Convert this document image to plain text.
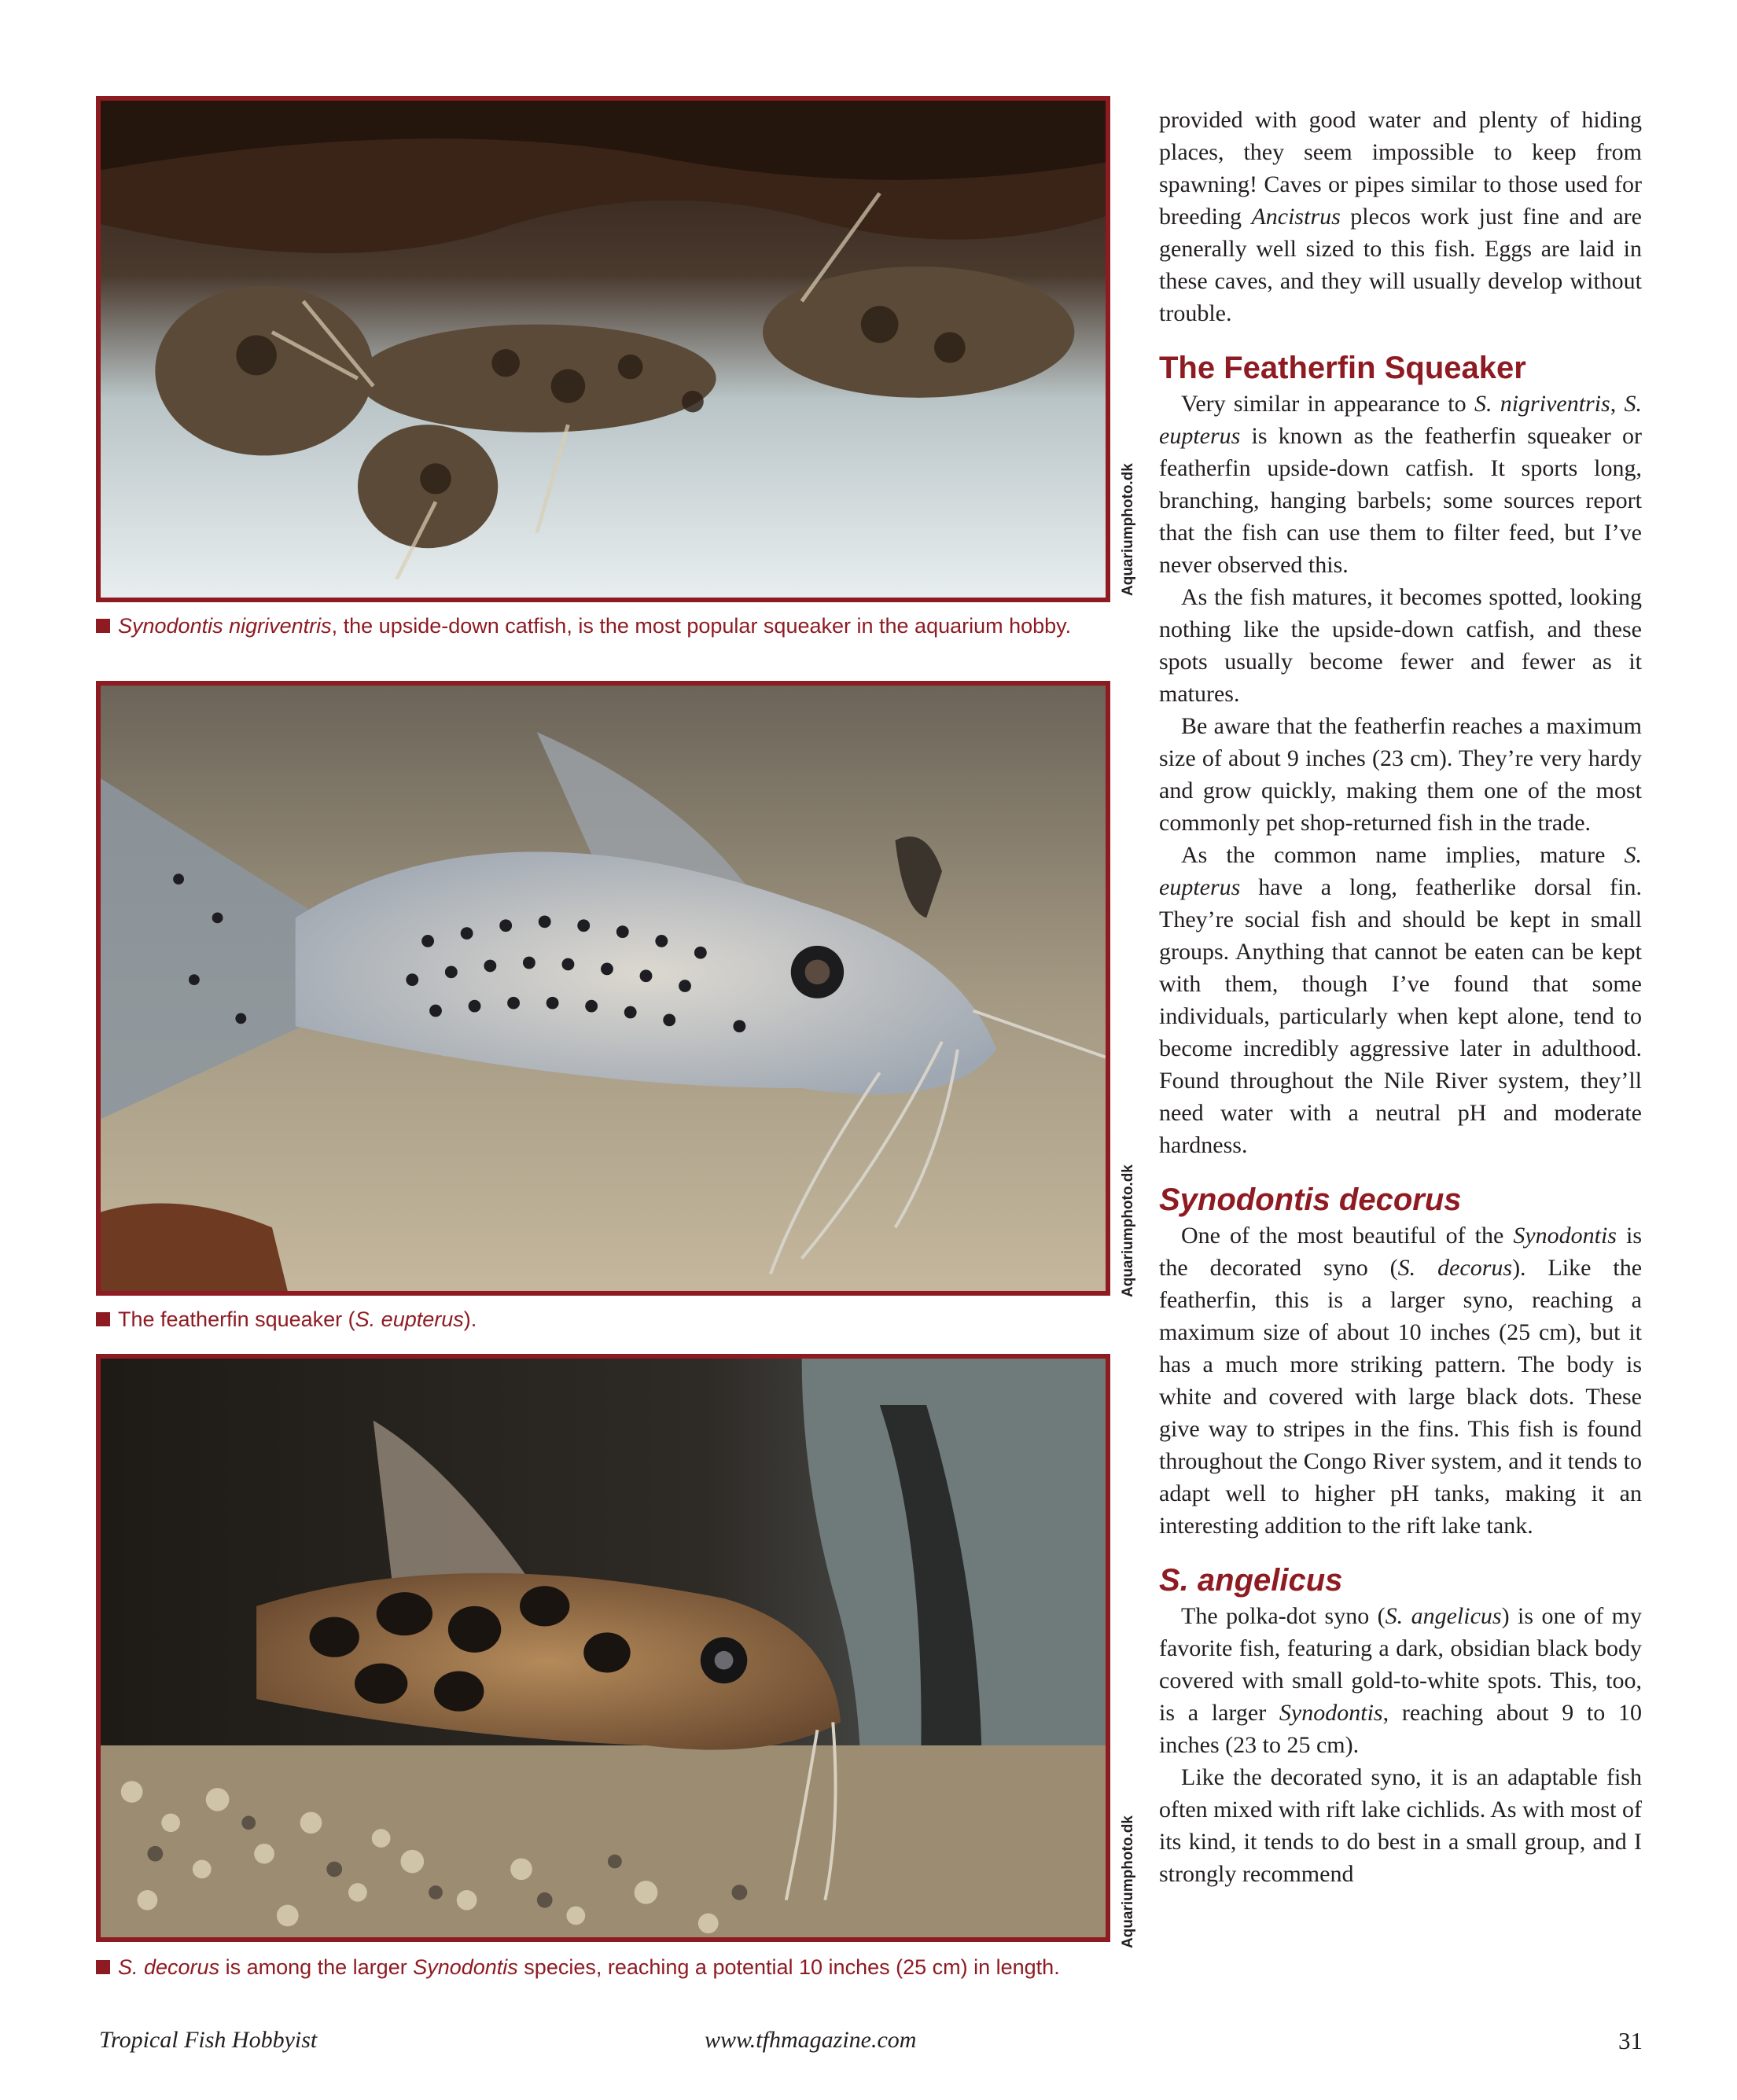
Aquariumphoto.dk
Synodontis nigriventris, the upside-down catfish, is the most popular squeaker in the aquarium hobby.
Aquariumphoto.dk
The featherfin squeaker (S. eupterus).
Aquariumphoto.dk
S. decorus is among the larger Synodontis species, reaching a potential 10 inches (25 cm) in length.

provided with good water and plenty of hiding places, they seem impossible to keep from spawning! Caves or pipes similar to those used for breeding Ancistrus plecos work just fine and are generally well sized to this fish. Eggs are laid in these caves, and they will usually develop without trouble.

The Featherfin Squeaker

Very similar in appearance to S. nigriventris, S. eupterus is known as the featherfin squeaker or featherfin upside-down catfish. It sports long, branching, hanging barbels; some sources report that the fish can use them to filter feed, but I’ve never observed this.

As the fish matures, it becomes spotted, looking nothing like the upside-down catfish, and these spots usually become fewer and fewer as it matures.

Be aware that the featherfin reaches a maximum size of about 9 inches (23 cm). They’re very hardy and grow quickly, making them one of the most commonly pet shop-returned fish in the trade.

As the common name implies, mature S. eupterus have a long, featherlike dorsal fin. They’re social fish and should be kept in small groups. Anything that cannot be eaten can be kept with them, though I’ve found that some individuals, particularly when kept alone, tend to become incredibly aggressive later in adulthood. Found throughout the Nile River system, they’ll need water with a neutral pH and moderate hardness.

Synodontis decorus

One of the most beautiful of the Synodontis is the decorated syno (S. decorus). Like the featherfin, this is a larger syno, reaching a maximum size of about 10 inches (25 cm), but it has a much more striking pattern. The body is white and covered with large black dots. These give way to stripes in the fins. This fish is found throughout the Congo River system, and it tends to adapt well to higher pH tanks, making it an interesting addition to the rift lake tank.

S. angelicus

The polka-dot syno (S. angelicus) is one of my favorite fish, featuring a dark, obsidian black body covered with small gold-to-white spots. This, too, is a larger Synodontis, reaching about 9 to 10 inches (23 to 25 cm).

Like the decorated syno, it is an adaptable fish often mixed with rift lake cichlids. As with most of its kind, it tends to do best in a small group, and I strongly recommend

Tropical Fish Hobbyist	www.tfhmagazine.com	31
